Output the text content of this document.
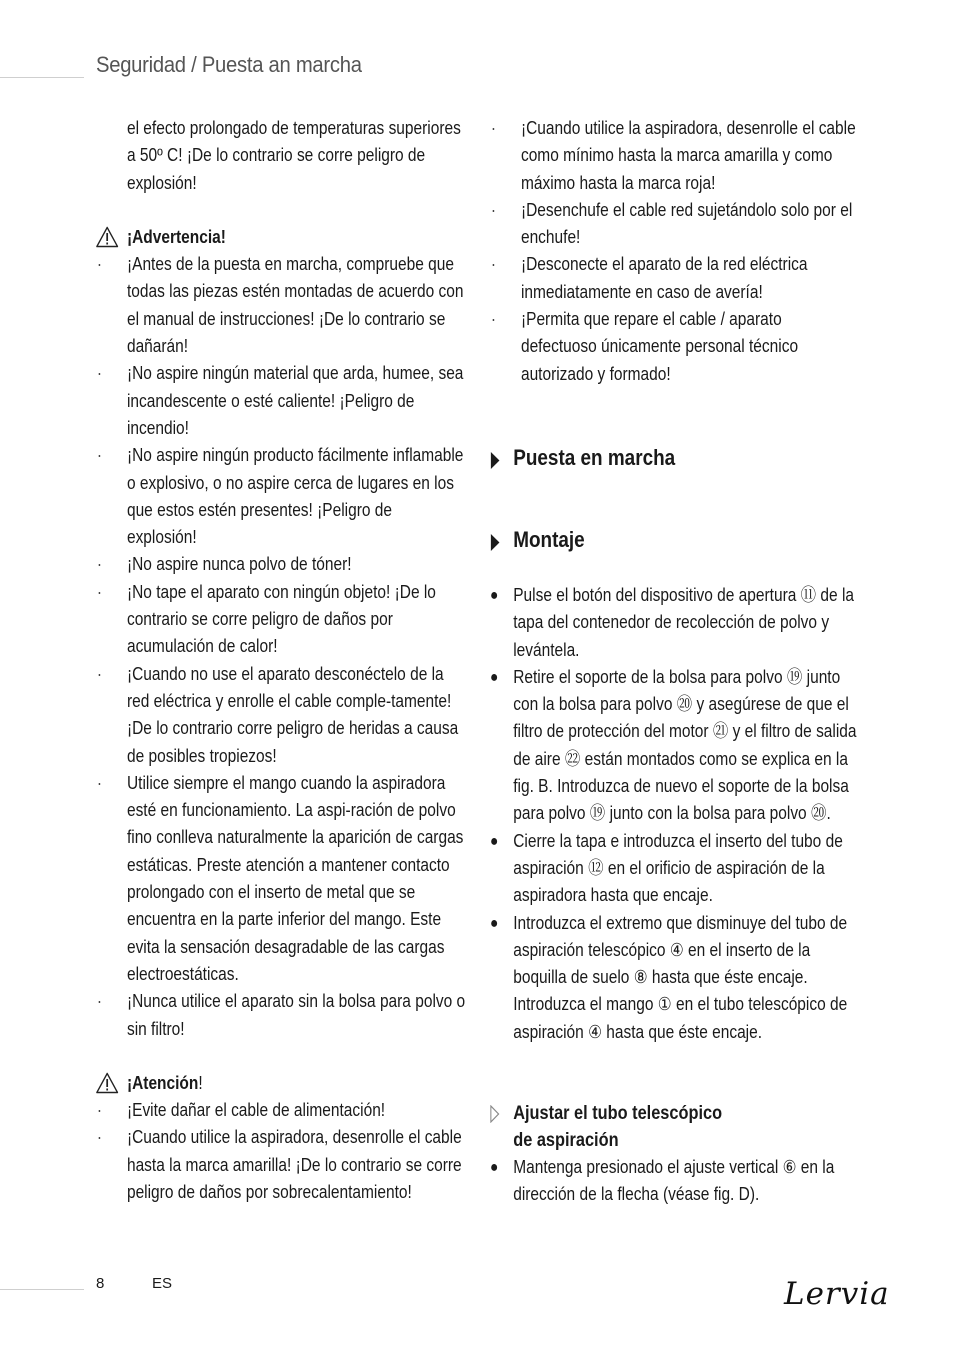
Seguridad / Puesta an marcha

el efecto prolongado de temperaturas superiores a 50º C! ¡De lo contrario se corre peligro de explosión!

¡Advertencia!

· ¡Antes de la puesta en marcha, compruebe que todas las piezas estén montadas de acuerdo con el manual de instrucciones! ¡De lo contrario se dañarán!

· ¡No aspire ningún material que arda, humee, sea incandescente o esté caliente! ¡Peligro de incendio!

· ¡No aspire ningún producto fácilmente inflamable o explosivo, o no aspire cerca de lugares en los que estos estén presentes! ¡Peligro de explosión!

· ¡No aspire nunca polvo de tóner!

· ¡No tape el aparato con ningún objeto! ¡De lo contrario se corre peligro de daños por acumulación de calor!

· ¡Cuando no use el aparato desconéctelo de la red eléctrica y enrolle el cable comple-tamente! ¡De lo contrario corre peligro de heridas a causa de posibles tropiezos!

· Utilice siempre el mango cuando la aspiradora esté en funcionamiento. La aspi-ración de polvo fino conlleva naturalmente la aparición de cargas estáticas. Preste atención a mantener contacto prolongado con el inserto de metal que se encuentra en la parte inferior del mango. Este evita la sensación desagradable de las cargas electroestáticas.

· ¡Nunca utilice el aparato sin la bolsa para polvo o sin filtro!

¡Atención!

· ¡Evite dañar el cable de alimentación!

· ¡Cuando utilice la aspiradora, desenrolle el cable hasta la marca amarilla! ¡De lo contrario se corre peligro de daños por sobrecalentamiento!

· ¡Cuando utilice la aspiradora, desenrolle el cable como mínimo hasta la marca amarilla y como máximo hasta la marca roja!

· ¡Desenchufe el cable red sujetándolo solo por el enchufe!

· ¡Desconecte el aparato de la red eléctrica inmediatamente en caso de avería!

· ¡Permita que repare el cable / aparato defectuoso únicamente personal técnico autorizado y formado!

Puesta en marcha
Montaje

● Pulse el botón del dispositivo de apertura ⑪ de la tapa del contenedor de recolección de polvo y levántela.

● Retire el soporte de la bolsa para polvo ⑲ junto con la bolsa para polvo ⑳ y asegúrese de que el filtro de protección del motor ㉑ y el filtro de salida de aire ㉒ están montados como se explica en la fig. B. Introduzca de nuevo el soporte de la bolsa para polvo ⑲ junto con la bolsa para polvo ⑳.

● Cierre la tapa e introduzca el inserto del tubo de aspiración ⑫ en el orificio de aspiración de la aspiradora hasta que encaje.

● Introduzca el extremo que disminuye del tubo de aspiración telescópico ④ en el inserto de la boquilla de suelo ⑧ hasta que éste encaje. Introduzca el mango ① en el tubo telescópico de aspiración ④ hasta que éste encaje.

Ajustar el tubo telescópico
de aspiración

● Mantenga presionado el ajuste vertical ⑥ en la dirección de la flecha (véase fig. D).

8	ES	Lervia
